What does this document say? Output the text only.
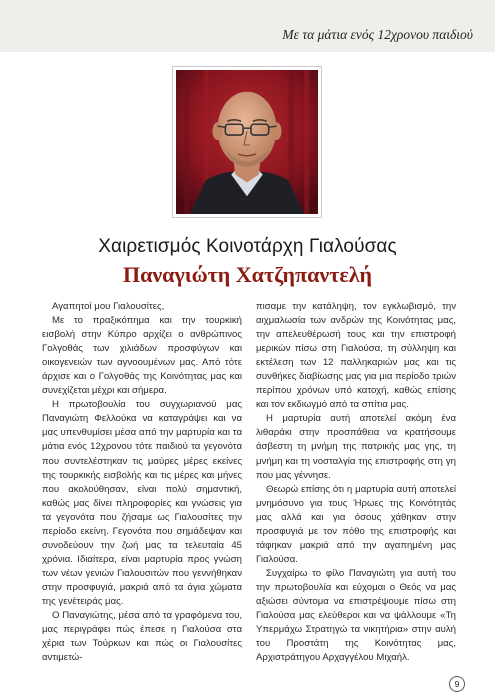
Με τα μάτια ενός 12χρονου παιδιού
Χαιρετισμός Κοινοτάρχη Γιαλούσας
Παναγιώτη Χατζηπαντελή

Αγαπητοί μου Γιαλουσίτες,

Με το πραξικόπημα και την τουρκική εισβολή στην Κύπρο αρχίζει ο ανθρώπινος Γολγοθάς των χιλιάδων προσφύγων και οικογενειών των αγνοουμένων μας. Από τότε άρχισε και ο Γολγοθάς της Κοινότητας μας και συνεχίζεται μέχρι και σήμερα.

Η πρωτοβουλία του συγχωριανού μας Παναγιώτη Φελλούκα να καταγράψει και να μας υπενθυμίσει μέσα από την μαρτυρία και τα μάτια ενός 12χρονου τότε παιδιού τα γεγονότα που συντελέστηκαν τις μαύρες μέρες εκείνες της τουρκικής εισβολής και τις μέρες και μήνες που ακολούθησαν, είναι πολύ σημαντική, καθώς μας δίνει πληροφορίες και γνώσεις για τα γεγονότα που ζήσαμε ως Γιαλουσίτες την περίοδο εκείνη. Γεγονότα που σημάδεψαν και συνοδεύουν την ζωή μας τα τελευταία 45 χρόνια. Ιδιαίτερα, είναι μαρτυρία προς γνώση των νέων γενιών Γιαλουσιτών που γεννήθηκαν στην προσφυγιά, μακριά από τα άγια χώματα της γενέτειράς μας.

Ο Παναγιώτης, μέσα από τα γραφόμενα του, μας περιγράφει πώς έπεσε η Γιαλούσα στα χέρια των Τούρκων και πώς οι Γιαλουσίτες αντιμετώ-

πισαμε την κατάληψη, τον εγκλωβισμό, την αιχμαλωσία των ανδρών της Κοινότητας μας, την απελευθέρωσή τους και την επιστροφή μερικών πίσω στη Γιαλούσα, τη σύλληψη και εκτέλεση των 12 παλληκαριών μας και τις συνθήκες διαβίωσης μας για μια περίοδο τριών περίπου χρόνων υπό κατοχή, καθώς επίσης και τον εκδιωγμό από τα σπίτια μας.

Η μαρτυρία αυτή αποτελεί ακόμη ένα λιθαράκι στην προσπάθεια να κρατήσουμε άσβεστη τη μνήμη της πατρικής μας γης, τη μνήμη και τη νοσταλγία της επιστροφής στη γη που μας γέννησε.

Θεωρώ επίσης ότι η μαρτυρία αυτή αποτελεί μνημόσυνο για τους Ήρωες της Κοινότητάς μας αλλά και για όσους χάθηκαν στην προσφυγιά με τον πόθο της επιστροφής και τάφηκαν μακριά από την αγαπημένη μας Γιαλούσα.

Συγχαίρω το φίλο Παναγιώτη για αυτή του την πρωτοβουλία και εύχομαι ο Θεός να μας αξιώσει σύντομα να επιστρέψουμε πίσω στη Γιαλούσα μας ελεύθεροι και να ψάλλουμε «Τη Υπερμάχω Στρατηγώ τα νικητήρια» στην αυλή του Προστάτη της Κοινότητας μας, Αρχιστράτηγου Αρχαγγέλου Μιχαήλ.

9
